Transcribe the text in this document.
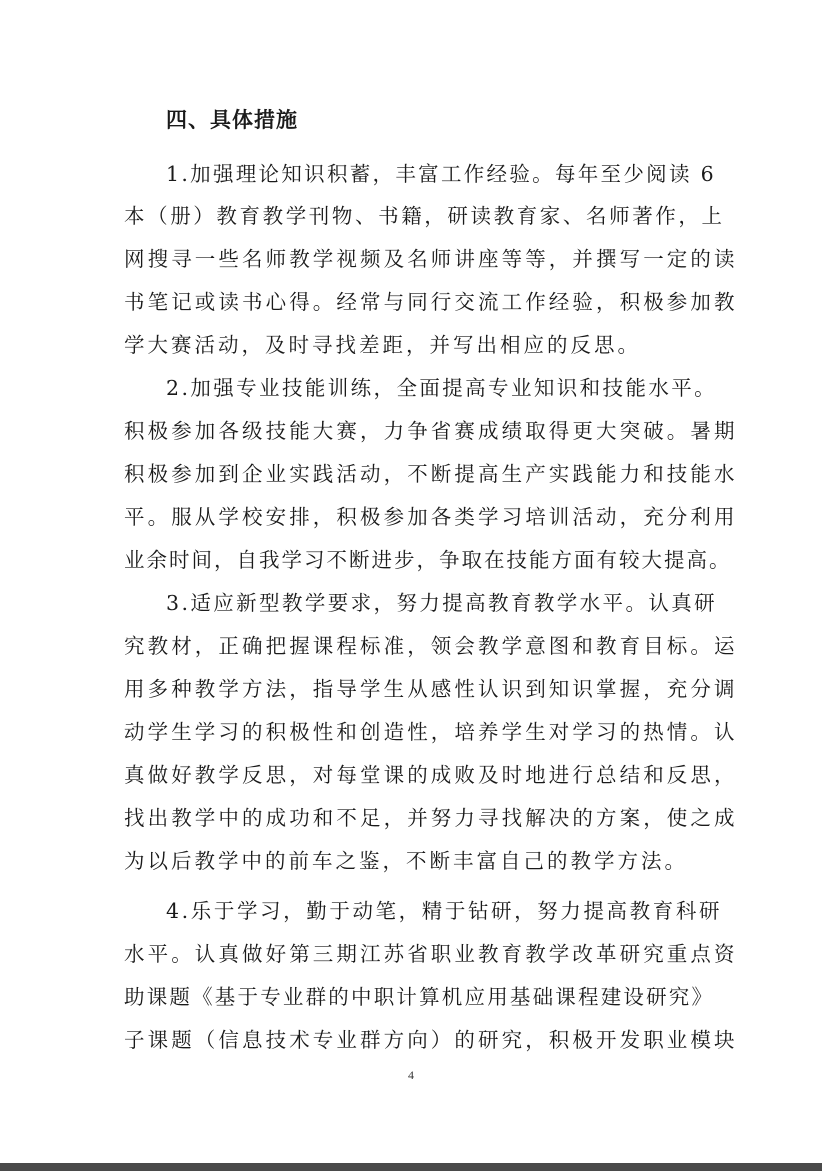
四、具体措施
1.加强理论知识积蓄，丰富工作经验。每年至少阅读 6
本（册）教育教学刊物、书籍，研读教育家、名师著作，上
网搜寻一些名师教学视频及名师讲座等等，并撰写一定的读
书笔记或读书心得。经常与同行交流工作经验，积极参加教
学大赛活动，及时寻找差距，并写出相应的反思。
2.加强专业技能训练，全面提高专业知识和技能水平。
积极参加各级技能大赛，力争省赛成绩取得更大突破。暑期
积极参加到企业实践活动，不断提高生产实践能力和技能水
平。服从学校安排，积极参加各类学习培训活动，充分利用
业余时间，自我学习不断进步，争取在技能方面有较大提高。
3.适应新型教学要求，努力提高教育教学水平。认真研
究教材，正确把握课程标准，领会教学意图和教育目标。运
用多种教学方法，指导学生从感性认识到知识掌握，充分调
动学生学习的积极性和创造性，培养学生对学习的热情。认
真做好教学反思，对每堂课的成败及时地进行总结和反思，
找出教学中的成功和不足，并努力寻找解决的方案，使之成
为以后教学中的前车之鉴，不断丰富自己的教学方法。
4.乐于学习，勤于动笔，精于钻研，努力提高教育科研
水平。认真做好第三期江苏省职业教育教学改革研究重点资
助课题《基于专业群的中职计算机应用基础课程建设研究》
子课题（信息技术专业群方向）的研究，积极开发职业模块
4
